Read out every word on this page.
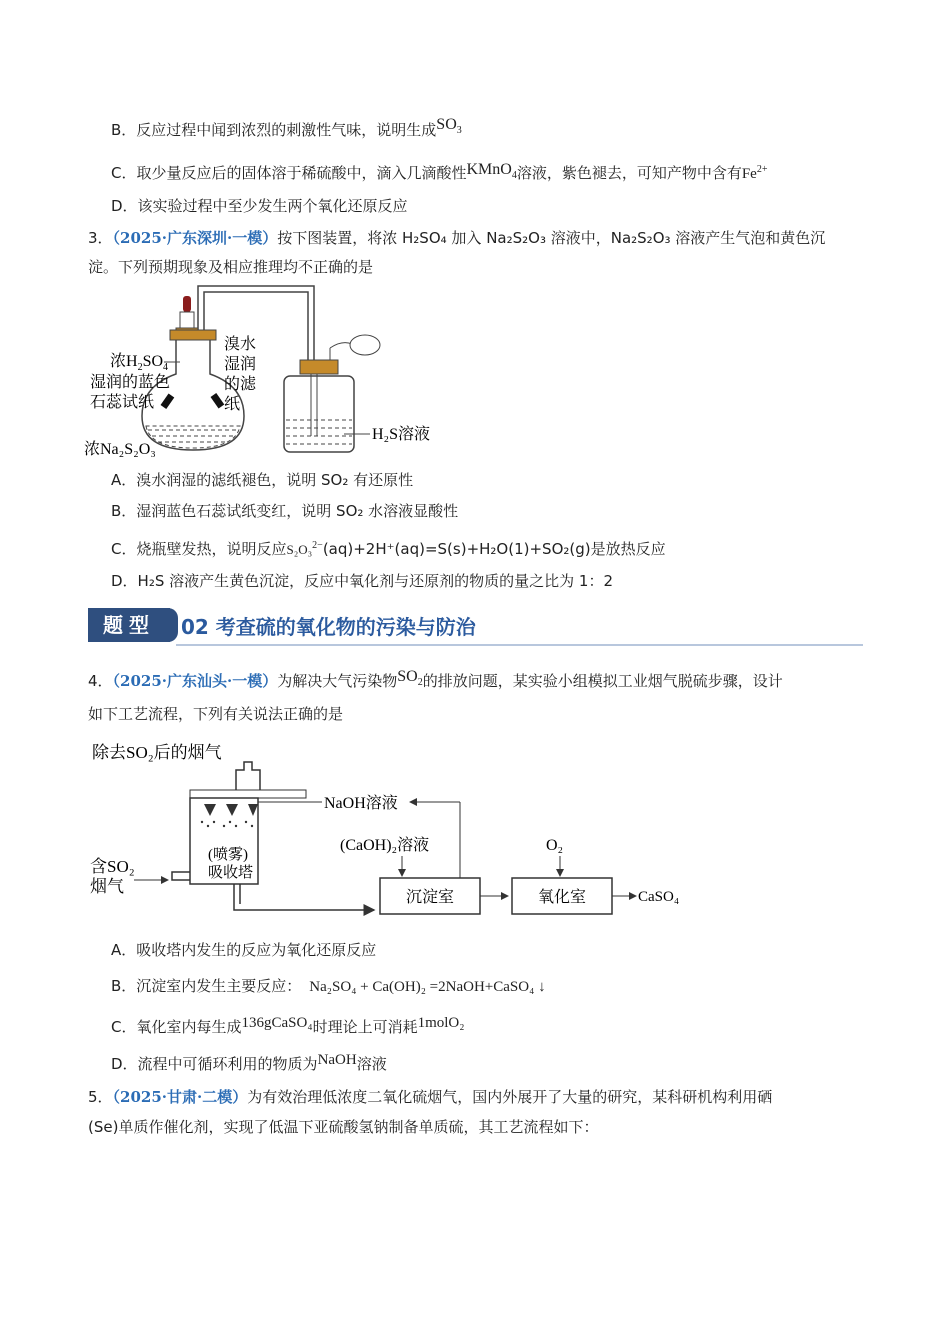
B．反应过程中闻到浓烈的刺激性气味，说明生成$SO_3$
C．取少量反应后的固体溶于稀硫酸中，滴入几滴酸性KMnO$_4$溶液，紫色褪去，可知产物中含有$Fe^{2+}$
D．该实验过程中至少发生两个氧化还原反应
3．（2025·广东深圳·一模）按下图装置，将浓 H₂SO₄ 加入 Na₂S₂O₃ 溶液中，Na₂S₂O₃ 溶液产生气泡和黄色沉
淀。下列预期现象及相应推理均不正确的是
浓$H_2SO_4$
湿润的蓝色
石蕊试纸
溴水
湿润
的滤
纸
浓Na₂S₂O₃
H₂S溶液
A．溴水润湿的滤纸褪色，说明 SO₂ 有还原性
B．湿润蓝色石蕊试纸变红，说明 SO₂ 水溶液显酸性
C．烧瓶壁发热，说明反应S₂O₃$^{2-}$(aq)+2H⁺(aq)=S(s)+H₂O(1)+SO₂(g)是放热反应
D．H₂S 溶液产生黄色沉淀，反应中氧化剂与还原剂的物质的量之比为 1：2
题型	02 考查硫的氧化物的污染与防治
4．（2025·广东汕头·一模）为解决大气污染物$SO_2$的排放问题，某实验小组模拟工业烟气脱硫步骤，设计
如下工艺流程，下列有关说法正确的是
除去SO₂后的烟气
(喷雾)
吸收塔
含SO₂
烟气
NaOH溶液
(CaOH)₂溶液
沉淀室
O₂
氧化室	CaSO₄
A．吸收塔内发生的反应为氧化还原反应
B．沉淀室内发生主要反应： Na₂SO₄ + Ca(OH)₂ =2NaOH+CaSO₄ ↓
C．氧化室内每生成136gCaSO₄时理论上可消耗1molO₂
D．流程中可循环利用的物质为NaOH溶液
5．（2025·甘肃·二模）为有效治理低浓度二氧化硫烟气，国内外展开了大量的研究，某科研机构利用硒
(Se)单质作催化剂，实现了低温下亚硫酸氢钠制备单质硫，其工艺流程如下：
